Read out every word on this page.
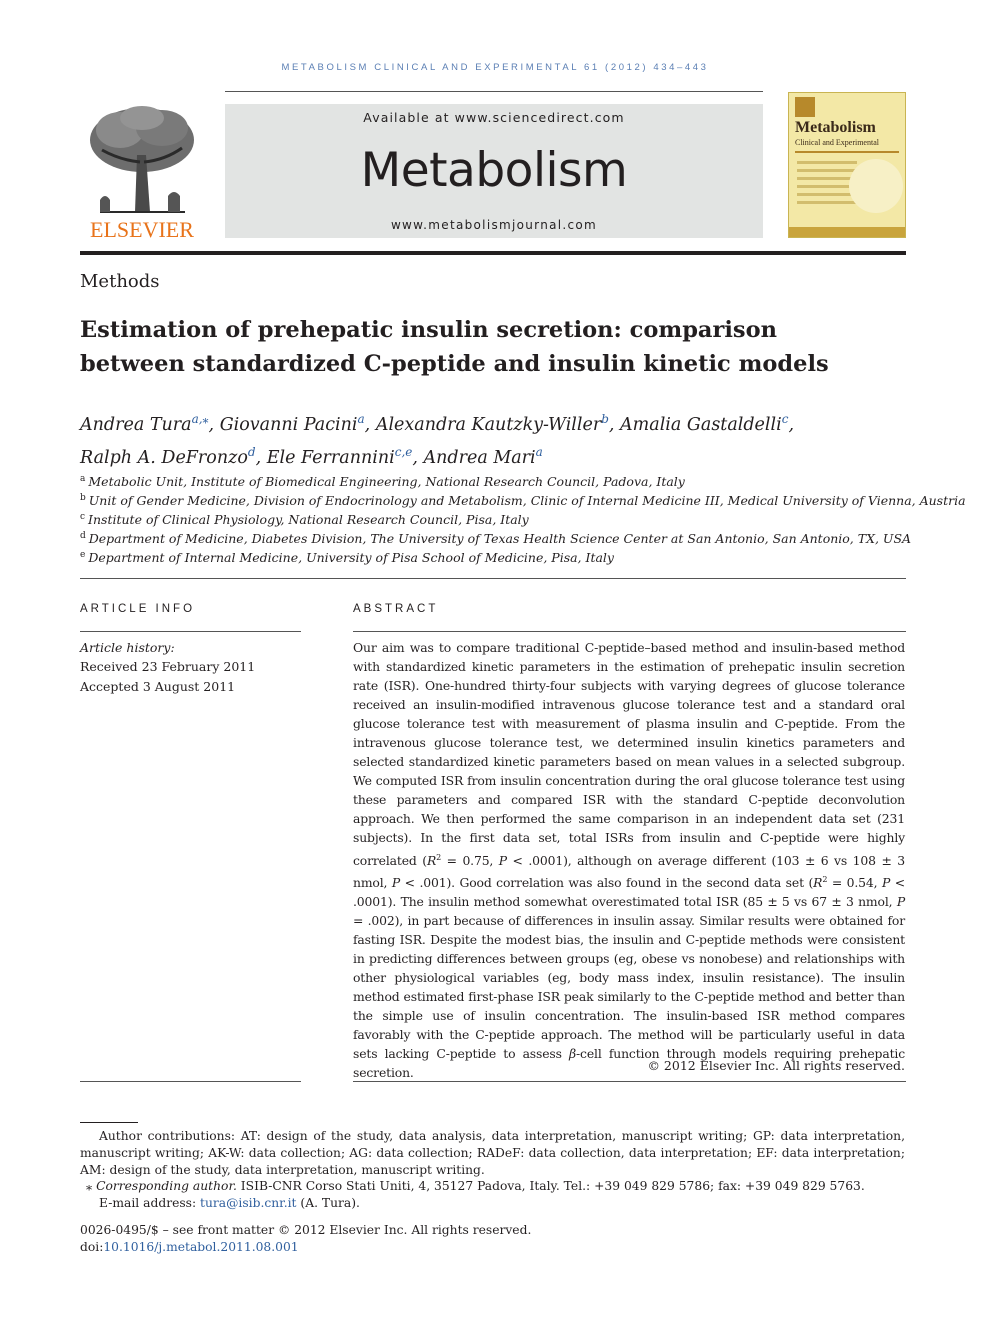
METABOLISM CLINICAL AND EXPERIMENTAL 61 (2012) 434–443
ELSEVIER
Available at www.sciencedirect.com
Metabolism
www.metabolismjournal.com
Metabolism
Clinical and Experimental
Methods
Estimation of prehepatic insulin secretion: comparison
between standardized C-peptide and insulin kinetic models
Andrea Tura$^{a,⁎}$, Giovanni Pacini$^a$, Alexandra Kautzky-Willer$^b$, Amalia Gastaldelli$^c$,
Ralph A. DeFronzo$^d$, Ele Ferrannini$^{c,e}$, Andrea Mari$^a$
$^a$ Metabolic Unit, Institute of Biomedical Engineering, National Research Council, Padova, Italy
$^b$ Unit of Gender Medicine, Division of Endocrinology and Metabolism, Clinic of Internal Medicine III, Medical University of Vienna, Austria
$^c$ Institute of Clinical Physiology, National Research Council, Pisa, Italy
$^d$ Department of Medicine, Diabetes Division, The University of Texas Health Science Center at San Antonio, San Antonio, TX, USA
$^e$ Department of Internal Medicine, University of Pisa School of Medicine, Pisa, Italy
ARTICLE INFO
Article history:
Received 23 February 2011
Accepted 3 August 2011
ABSTRACT
Our aim was to compare traditional C-peptide–based method and insulin-based method with standardized kinetic parameters in the estimation of prehepatic insulin secretion rate (ISR). One-hundred thirty-four subjects with varying degrees of glucose tolerance received an insulin-modified intravenous glucose tolerance test and a standard oral glucose tolerance test with measurement of plasma insulin and C-peptide. From the intravenous glucose tolerance test, we determined insulin kinetics parameters and selected standardized kinetic parameters based on mean values in a selected subgroup. We computed ISR from insulin concentration during the oral glucose tolerance test using these parameters and compared ISR with the standard C-peptide deconvolution approach. We then performed the same comparison in an independent data set (231 subjects). In the first data set, total ISRs from insulin and C-peptide were highly correlated ($R^2 = 0.75$, P < .0001), although on average different (103 ± 6 vs 108 ± 3 nmol, P < .001). Good correlation was also found in the second data set ($R^2 = 0.54$, P < .0001). The insulin method somewhat overestimated total ISR (85 ± 5 vs 67 ± 3 nmol, P = .002), in part because of differences in insulin assay. Similar results were obtained for fasting ISR. Despite the modest bias, the insulin and C-peptide methods were consistent in predicting differences between groups (eg, obese vs nonobese) and relationships with other physiological variables (eg, body mass index, insulin resistance). The insulin method estimated first-phase ISR peak similarly to the C-peptide method and better than the simple use of insulin concentration. The insulin-based ISR method compares favorably with the C-peptide approach. The method will be particularly useful in data sets lacking C-peptide to assess β-cell function through models requiring prehepatic secretion.	© 2012 Elsevier Inc. All rights reserved.
Author contributions: AT: design of the study, data analysis, data interpretation, manuscript writing; GP: data interpretation, manuscript writing; AK-W: data collection; AG: data collection; RADeF: data collection, data interpretation; EF: data interpretation; AM: design of the study, data interpretation, manuscript writing.
⁎ Corresponding author. ISIB-CNR Corso Stati Uniti, 4, 35127 Padova, Italy. Tel.: +39 049 829 5786; fax: +39 049 829 5763.
E-mail address: tura@isib.cnr.it (A. Tura).
0026-0495/$ – see front matter © 2012 Elsevier Inc. All rights reserved.
doi:10.1016/j.metabol.2011.08.001
